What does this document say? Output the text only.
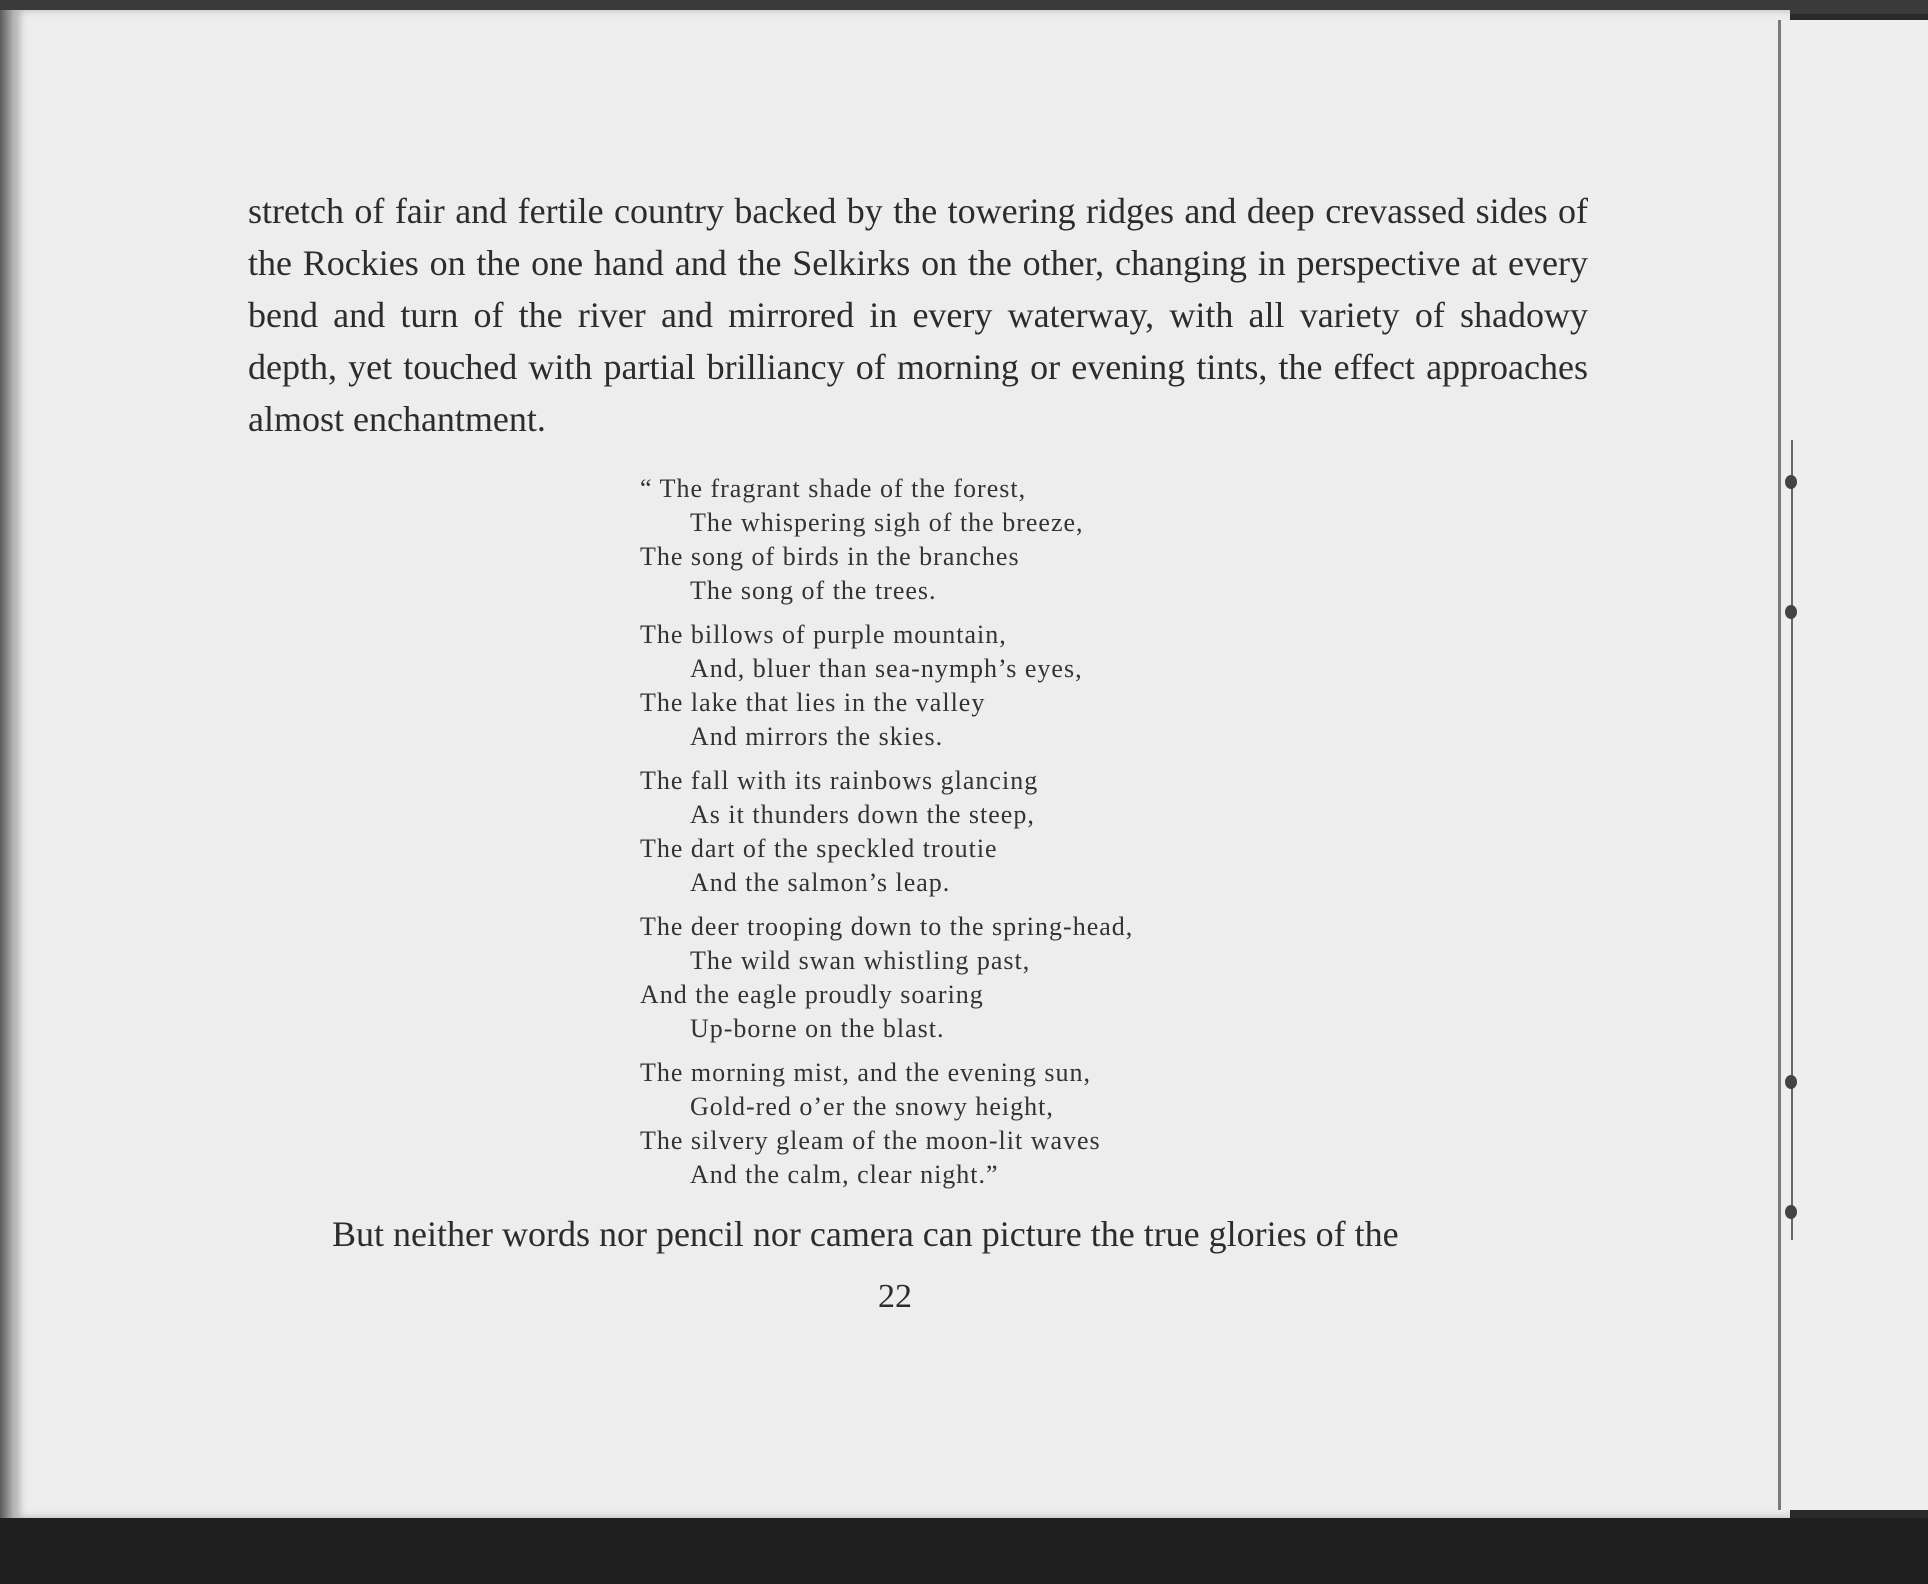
stretch of fair and fertile country backed by the towering ridges and deep crevassed sides of the Rockies on the one hand and the Selkirks on the other, changing in perspective at every bend and turn of the river and mirrored in every waterway, with all variety of shadowy depth, yet touched with partial brilliancy of morning or evening tints, the effect approaches almost enchantment.

“ The fragrant shade of the forest,
The whispering sigh of the breeze,
The song of birds in the branches
The song of the trees.
The billows of purple mountain,
And, bluer than sea-nymph’s eyes,
The lake that lies in the valley
And mirrors the skies.
The fall with its rainbows glancing
As it thunders down the steep,
The dart of the speckled troutie
And the salmon’s leap.
The deer trooping down to the spring-head,
The wild swan whistling past,
And the eagle proudly soaring
Up-borne on the blast.
The morning mist, and the evening sun,
Gold-red o’er the snowy height,
The silvery gleam of the moon-lit waves
And the calm, clear night.”
But neither words nor pencil nor camera can picture the true glories of the
22
